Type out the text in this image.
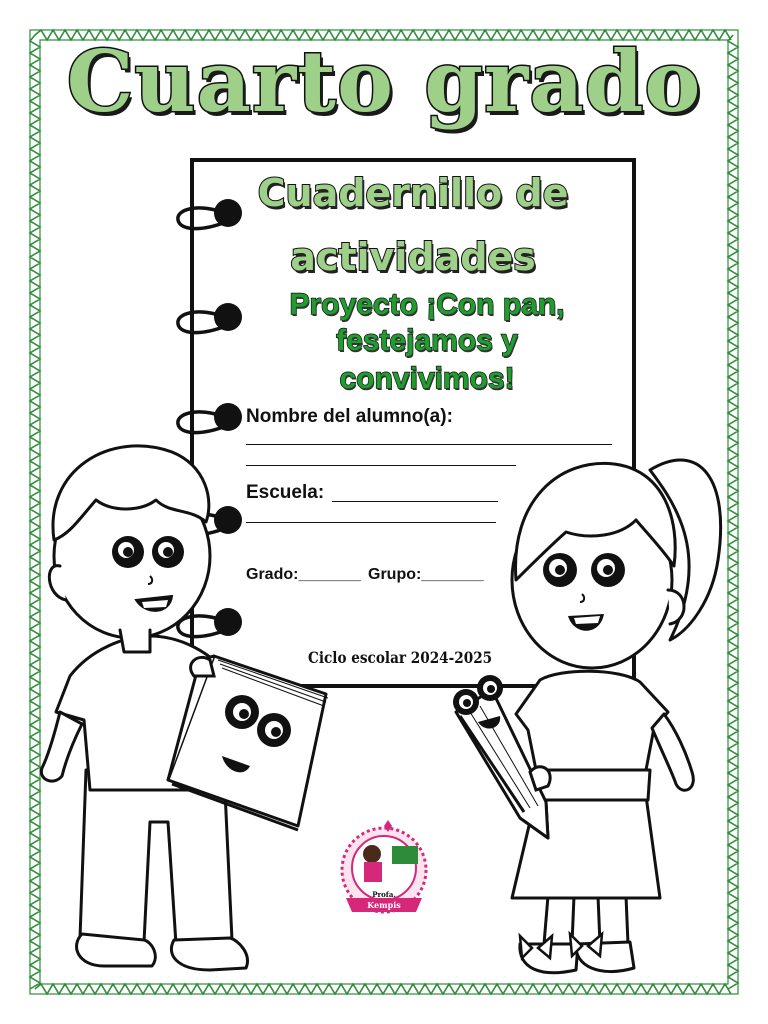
Cuarto grado
Cuadernillo de
actividades
Proyecto ¡Con pan,
festejamos y
convivimos!
Nombre del alumno(a):
Escuela:
Grado:_______ Grupo:_______
Ciclo escolar 2024-2025
Profa.
Kempis
